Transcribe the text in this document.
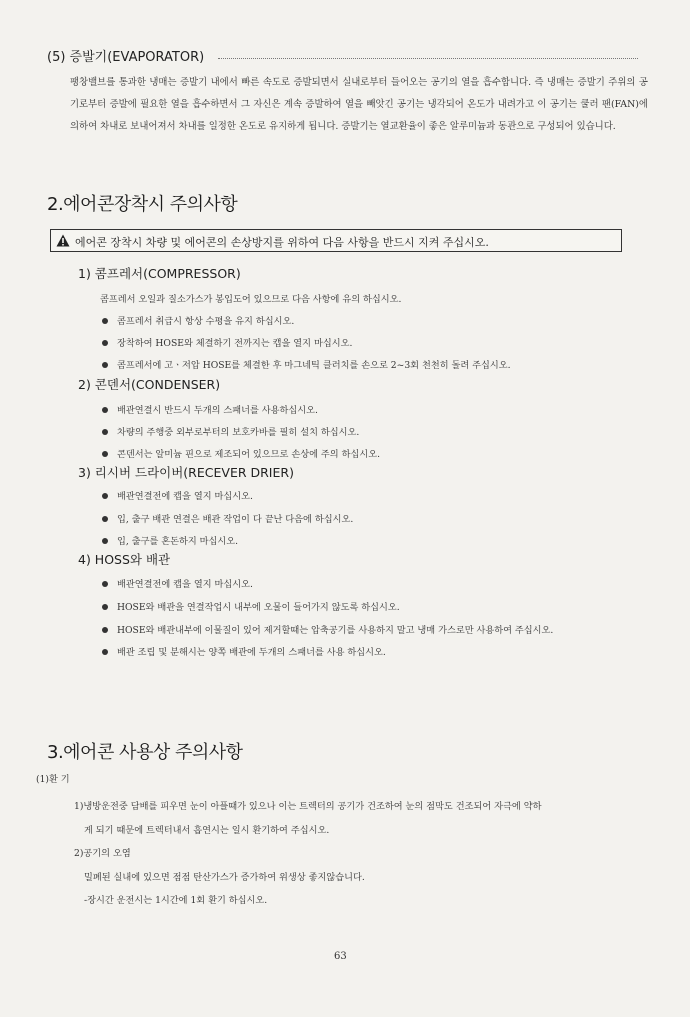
(5) 증발기(EVAPORATOR)
팽창밸브를 통과한 냉매는 증발기 내에서 빠른 속도로 증발되면서 실내로부터 들어오는 공기의 열을 흡수합니다. 즉 냉매는 증발기 주위의 공기로부터 증발에 필요한 열을 흡수하면서 그 자신은 계속 증발하여 열을 빼앗긴 공기는 냉각되어 온도가 내려가고 이 공기는 쿨러 팬(FAN)에 의하여 차내로 보내어져서 차내를 일정한 온도로 유지하게 됩니다. 증발기는 열교환율이 좋은 알루미늄과 동관으로 구성되어 있습니다.
2.에어콘장착시 주의사항
에어콘 장착시 차량 및 에어콘의 손상방지를 위하여 다음 사항을 반드시 지켜 주십시오.
1) 콤프레서(COMPRESSOR)
콤프레서 오일과 질소가스가 봉입도어 있으므로 다음 사항에 유의 하십시오.
콤프레서 취급시 항상 수평을 유지 하십시오.
장착하여 HOSE와 체결하기 전까지는 캡을 열지 마십시오.
콤프레서에 고ㆍ저압 HOSE를 체결한 후 마그네틱 클러치를 손으로 2~3회 천천히 돌려 주십시오.
2) 콘덴서(CONDENSER)
배관연결시 반드시 두개의 스패너를 사용하십시오.
차량의 주행중 외부로부터의 보호카바를 필히 설치 하십시오.
콘덴서는 알미늄 핀으로 제조되어 있으므로 손상에 주의 하십시오.
3) 리시버 드라이버(RECEVER DRIER)
배관연결전에 캡을 열지 마십시오.
입, 출구 배관 연결은 배관 작업이 다 끝난 다음에 하십시오.
입, 출구를 혼돈하지 마십시오.
4) HOSS와 배관
배관연결전에 캡을 열지 마십시오.
HOSE와 배관을 연결작업시 내부에 오물이 들어가지 않도록 하십시오.
HOSE와 배관내부에 이물질이 있어 제거할때는 압축공기를 사용하지 말고 냉매 가스로만 사용하여 주십시오.
배관 조립 및 분해시는 양쪽 배관에 두개의 스패너를 사용 하십시오.
3.에어콘 사용상 주의사항
(1)환 기
1)냉방운전중 담배를 피우면 눈이 아플때가 있으나 이는 트렉터의 공기가 건조하여 눈의 점막도 건조되어 자극에 약하
게 되기 때문에 트렉터내서 흡연시는 일시 환기하여 주십시오.
2)공기의 오염
밀폐된 실내에 있으면 점점 탄산가스가 증가하여 위생상 좋지않습니다.
-장시간 운전시는 1시간에 1회 환기 하십시오.
63
